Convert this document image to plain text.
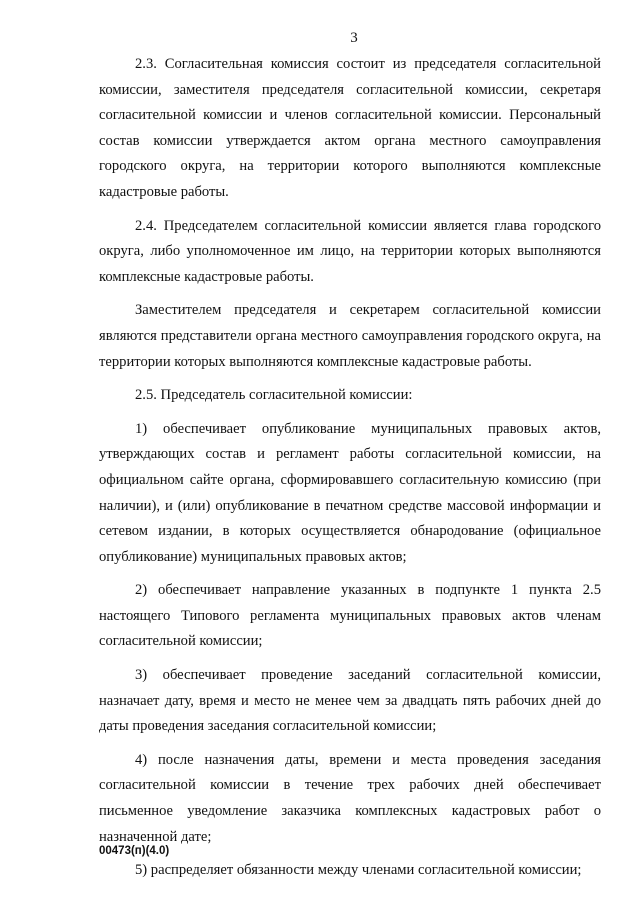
3

2.3. Согласительная комиссия состоит из председателя согласительной комиссии, заместителя председателя согласительной комиссии, секретаря согласительной комиссии и членов согласительной комиссии. Персональный состав комиссии утверждается актом органа местного самоуправления городского округа, на территории которого выполняются комплексные кадастровые работы.

2.4. Председателем согласительной комиссии является глава городского округа, либо уполномоченное им лицо, на территории которых выполняются комплексные кадастровые работы.

Заместителем председателя и секретарем согласительной комиссии являются представители органа местного самоуправления городского округа, на территории которых выполняются комплексные кадастровые работы.

2.5. Председатель согласительной комиссии:

1) обеспечивает опубликование муниципальных правовых актов, утверждающих состав и регламент работы согласительной комиссии, на официальном сайте органа, сформировавшего согласительную комиссию (при наличии), и (или) опубликование в печатном средстве массовой информации и сетевом издании, в которых осуществляется обнародование (официальное опубликование) муниципальных правовых актов;

2) обеспечивает направление указанных в подпункте 1 пункта 2.5 настоящего Типового регламента муниципальных правовых актов членам согласительной комиссии;

3) обеспечивает проведение заседаний согласительной комиссии, назначает дату, время и место не менее чем за двадцать пять рабочих дней до даты проведения заседания согласительной комиссии;

4) после назначения даты, времени и места проведения заседания согласительной комиссии в течение трех рабочих дней обеспечивает письменное уведомление заказчика комплексных кадастровых работ о назначенной дате;

5) распределяет обязанности между членами согласительной комиссии;

00473(п)(4.0)
